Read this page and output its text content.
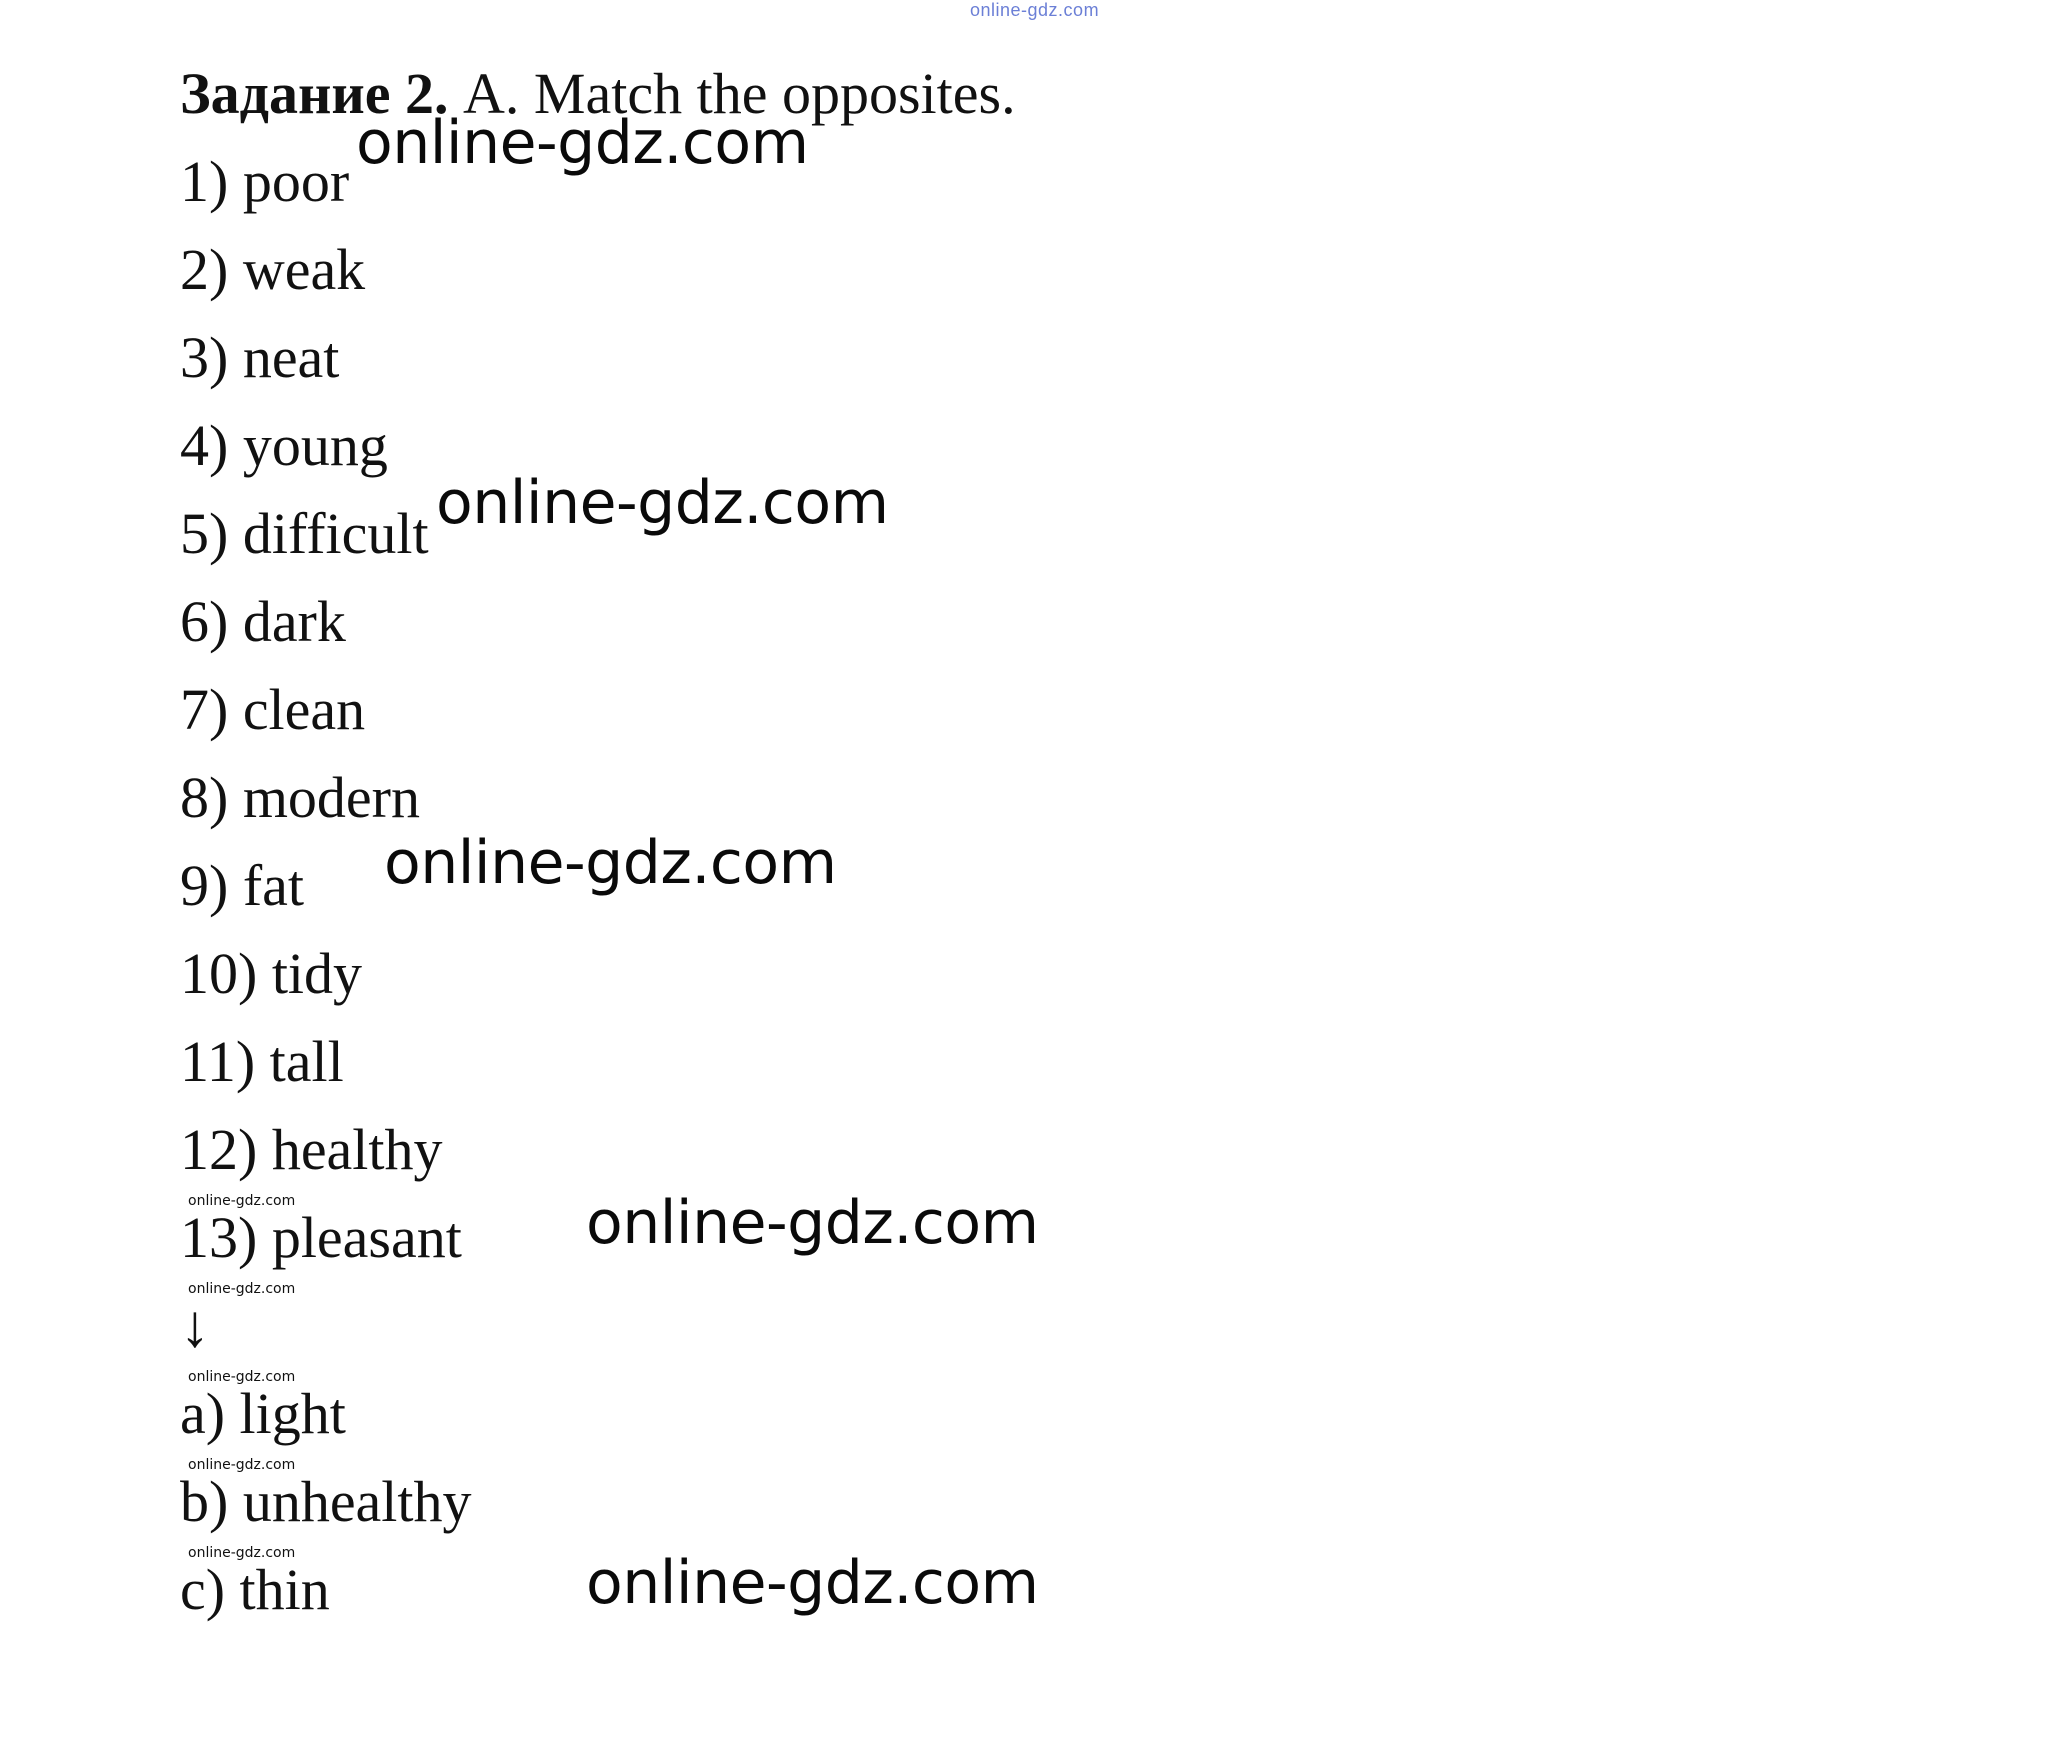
online-gdz.com
Задание 2. A. Match the opposites.
1) poor
2) weak
3) neat
4) young
5) difficult
6) dark
7) clean
8) modern
9) fat
10) tidy
11) tall
12) healthy
13) pleasant
↓
a) light
b) unhealthy
c) thin
online-gdz.com
online-gdz.com
online-gdz.com
online-gdz.com
online-gdz.com
online-gdz.com
online-gdz.com
online-gdz.com
online-gdz.com
online-gdz.com
